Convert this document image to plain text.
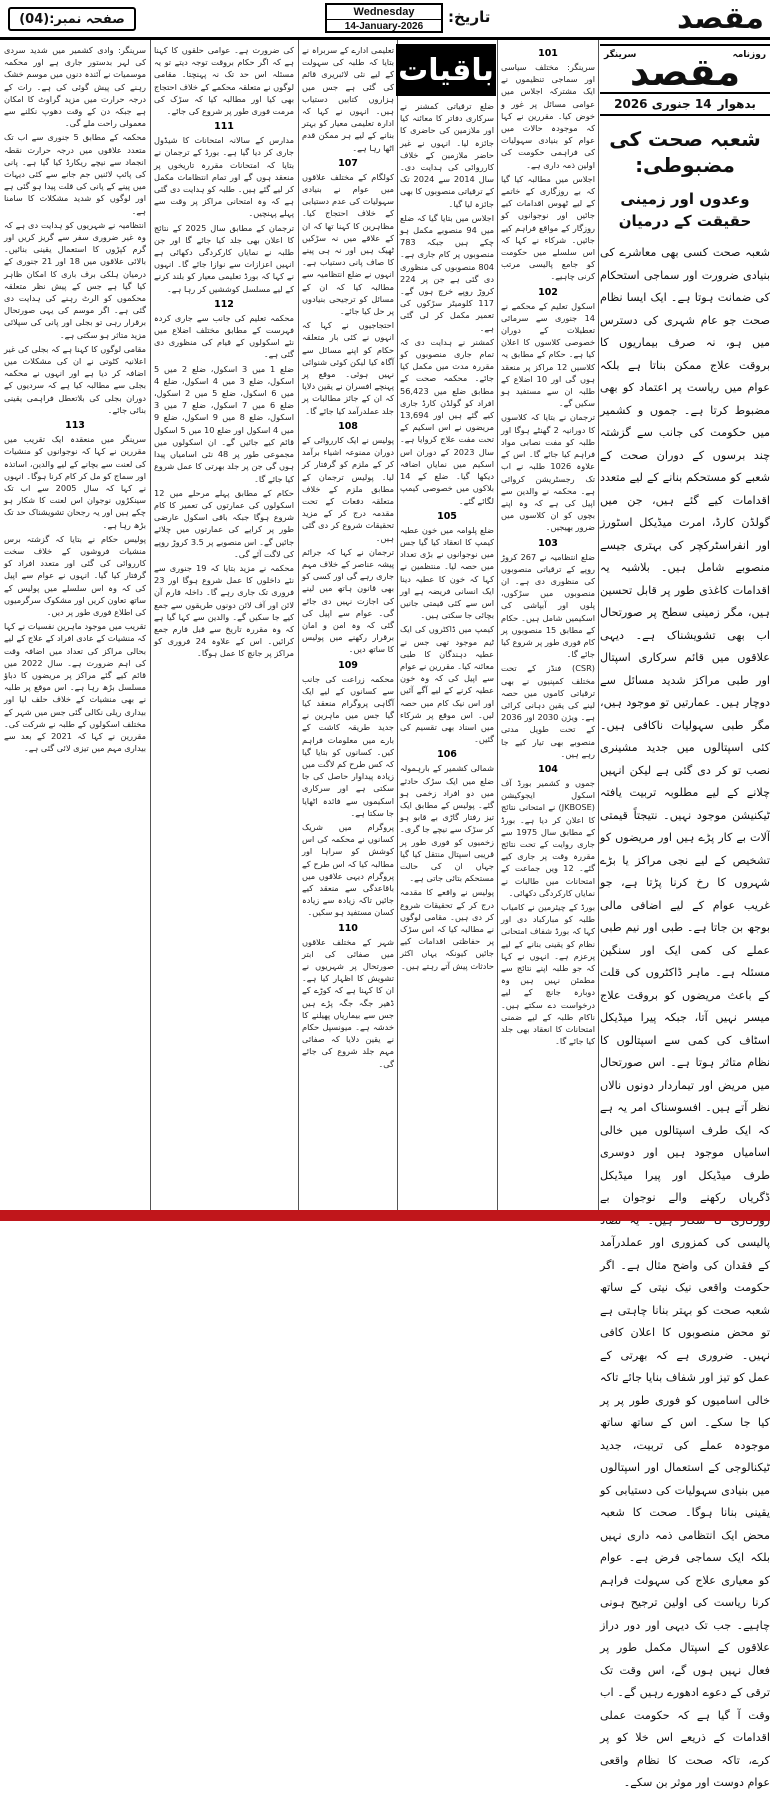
صفحہ نمبر:(04)	Wednesday
14-January-2026
تاریخ:	مقصد

سرینگر: وادی کشمیر میں شدید سردی کی لہر بدستور جاری ہے اور محکمہ موسمیات نے آئندہ دنوں میں موسم خشک رہنے کی پیش گوئی کی ہے۔ رات کے درجہ حرارت میں مزید گراوٹ کا امکان ہے جبکہ دن کے وقت دھوپ نکلنے سے معمولی راحت ملے گی۔

محکمہ کے مطابق 5 جنوری سے اب تک متعدد علاقوں میں درجہ حرارت نقطہ انجماد سے نیچے ریکارڈ کیا گیا ہے۔ پانی کی پائپ لائنیں جم جانے سے کئی دیہات میں پینے کے پانی کی قلت پیدا ہو گئی ہے اور لوگوں کو شدید مشکلات کا سامنا ہے۔

انتظامیہ نے شہریوں کو ہدایت دی ہے کہ وہ غیر ضروری سفر سے گریز کریں اور گرم کپڑوں کا استعمال یقینی بنائیں۔ بالائی علاقوں میں 18 اور 21 جنوری کے درمیان ہلکی برف باری کا امکان ظاہر کیا گیا ہے جس کے پیش نظر متعلقہ محکموں کو الرٹ رہنے کی ہدایت دی گئی ہے۔ اگر موسم کی یہی صورتحال برقرار رہی تو بجلی اور پانی کی سپلائی مزید متاثر ہو سکتی ہے۔

مقامی لوگوں کا کہنا ہے کہ بجلی کی غیر اعلانیہ کٹوتی نے ان کی مشکلات میں اضافہ کر دیا ہے اور انہوں نے محکمہ بجلی سے مطالبہ کیا ہے کہ سردیوں کے دوران بجلی کی بلاتعطل فراہمی یقینی بنائی جائے۔

113

سرینگر میں منعقدہ ایک تقریب میں مقررین نے کہا کہ نوجوانوں کو منشیات کی لعنت سے بچانے کے لیے والدین، اساتذہ اور سماج کو مل کر کام کرنا ہوگا۔ انہوں نے کہا کہ سال 2005 سے اب تک سینکڑوں نوجوان اس لعنت کا شکار ہو چکے ہیں اور یہ رجحان تشویشناک حد تک بڑھ رہا ہے۔

پولیس حکام نے بتایا کہ گزشتہ برس منشیات فروشوں کے خلاف سخت کارروائی کی گئی اور متعدد افراد کو گرفتار کیا گیا۔ انہوں نے عوام سے اپیل کی کہ وہ اس سلسلے میں پولیس کے ساتھ تعاون کریں اور مشکوک سرگرمیوں کی اطلاع فوری طور پر دیں۔

تقریب میں موجود ماہرین نفسیات نے کہا کہ منشیات کے عادی افراد کے علاج کے لیے بحالی مراکز کی تعداد میں اضافہ وقت کی اہم ضرورت ہے۔ سال 2022 میں قائم کیے گئے مراکز پر مریضوں کا دباؤ مسلسل بڑھ رہا ہے۔ اس موقع پر طلبہ نے بھی منشیات کے خلاف حلف لیا اور بیداری ریلی نکالی گئی جس میں شہر کے مختلف اسکولوں کے طلبہ نے شرکت کی۔ مقررین نے کہا کہ 2021 کے بعد سے بیداری مہم میں تیزی لائی گئی ہے۔

کی ضرورت ہے۔ عوامی حلقوں کا کہنا ہے کہ اگر حکام بروقت توجہ دیتے تو یہ مسئلہ اس حد تک نہ پہنچتا۔ مقامی لوگوں نے متعلقہ محکمے کے خلاف احتجاج بھی کیا اور مطالبہ کیا کہ سڑک کی مرمت فوری طور پر شروع کی جائے۔

111

مدارس کے سالانہ امتحانات کا شیڈول جاری کر دیا گیا ہے۔ بورڈ کے ترجمان نے بتایا کہ امتحانات مقررہ تاریخوں پر منعقد ہوں گے اور تمام انتظامات مکمل کر لیے گئے ہیں۔ طلبہ کو ہدایت دی گئی ہے کہ وہ امتحانی مراکز پر وقت سے پہلے پہنچیں۔

ترجمان کے مطابق سال 2025 کے نتائج کا اعلان بھی جلد کیا جائے گا اور جن طلبہ نے نمایاں کارکردگی دکھائی ہے انہیں اعزازات سے نوازا جائے گا۔ انہوں نے کہا کہ بورڈ تعلیمی معیار کو بلند کرنے کے لیے مسلسل کوششیں کر رہا ہے۔

112

محکمہ تعلیم کی جانب سے جاری کردہ فہرست کے مطابق مختلف اضلاع میں نئے اسکولوں کے قیام کی منظوری دی گئی ہے۔

ضلع 1 میں 3 اسکول، ضلع 2 میں 5 اسکول، ضلع 3 میں 4 اسکول، ضلع 4 میں 6 اسکول، ضلع 5 میں 2 اسکول، ضلع 6 میں 7 اسکول، ضلع 7 میں 3 اسکول، ضلع 8 میں 9 اسکول، ضلع 9 میں 4 اسکول اور ضلع 10 میں 5 اسکول قائم کیے جائیں گے۔ ان اسکولوں میں مجموعی طور پر 48 نئی اسامیاں پیدا ہوں گی جن پر جلد بھرتی کا عمل شروع کیا جائے گا۔

حکام کے مطابق پہلے مرحلے میں 12 اسکولوں کی عمارتوں کی تعمیر کا کام شروع ہوگا جبکہ باقی اسکول عارضی طور پر کرایے کی عمارتوں میں چلائے جائیں گے۔ اس منصوبے پر 3.5 کروڑ روپے کی لاگت آئے گی۔

محکمہ نے مزید بتایا کہ 19 جنوری سے نئے داخلوں کا عمل شروع ہوگا اور 23 فروری تک جاری رہے گا۔ داخلہ فارم آن لائن اور آف لائن دونوں طریقوں سے جمع کیے جا سکیں گے۔ والدین سے کہا گیا ہے کہ وہ مقررہ تاریخ سے قبل فارم جمع کرائیں۔ اس کے علاوہ 24 فروری کو مراکز پر جانچ کا عمل ہوگا۔

تعلیمی ادارے کے سربراہ نے بتایا کہ طلبہ کی سہولت کے لیے نئی لائبریری قائم کی گئی ہے جس میں ہزاروں کتابیں دستیاب ہیں۔ انہوں نے کہا کہ ادارہ تعلیمی معیار کو بہتر بنانے کے لیے ہر ممکن قدم اٹھا رہا ہے۔

107

کولگام کے مختلف علاقوں میں عوام نے بنیادی سہولیات کی عدم دستیابی کے خلاف احتجاج کیا۔ مظاہرین کا کہنا تھا کہ ان کے علاقے میں نہ سڑکیں ٹھیک ہیں اور نہ ہی پینے کا صاف پانی دستیاب ہے۔ انہوں نے ضلع انتظامیہ سے مطالبہ کیا کہ ان کے مسائل کو ترجیحی بنیادوں پر حل کیا جائے۔

احتجاجیوں نے کہا کہ انہوں نے کئی بار متعلقہ حکام کو اپنے مسائل سے آگاہ کیا لیکن کوئی شنوائی نہیں ہوئی۔ موقع پر پہنچے افسران نے یقین دلایا کہ ان کے جائز مطالبات پر جلد عملدرآمد کیا جائے گا۔

108

پولیس نے ایک کارروائی کے دوران ممنوعہ اشیاء برآمد کر کے ملزم کو گرفتار کر لیا۔ پولیس ترجمان کے مطابق ملزم کے خلاف متعلقہ دفعات کے تحت مقدمہ درج کر کے مزید تحقیقات شروع کر دی گئی ہیں۔

ترجمان نے کہا کہ جرائم پیشہ عناصر کے خلاف مہم جاری رہے گی اور کسی کو بھی قانون ہاتھ میں لینے کی اجازت نہیں دی جائے گی۔ عوام سے اپیل کی گئی کہ وہ امن و امان برقرار رکھنے میں پولیس کا ساتھ دیں۔

109

محکمہ زراعت کی جانب سے کسانوں کے لیے ایک آگاہی پروگرام منعقد کیا گیا جس میں ماہرین نے جدید طریقہ کاشت کے بارے میں معلومات فراہم کیں۔ کسانوں کو بتایا گیا کہ کس طرح کم لاگت میں زیادہ پیداوار حاصل کی جا سکتی ہے اور سرکاری اسکیموں سے فائدہ اٹھایا جا سکتا ہے۔

پروگرام میں شریک کسانوں نے محکمہ کی اس کوشش کو سراہا اور مطالبہ کیا کہ اس طرح کے پروگرام دیہی علاقوں میں باقاعدگی سے منعقد کیے جائیں تاکہ زیادہ سے زیادہ کسان مستفید ہو سکیں۔

110

شہر کے مختلف علاقوں میں صفائی کی ابتر صورتحال پر شہریوں نے تشویش کا اظہار کیا ہے۔ ان کا کہنا ہے کہ کوڑے کے ڈھیر جگہ جگہ پڑے ہیں جس سے بیماریاں پھیلنے کا خدشہ ہے۔ میونسپل حکام نے یقین دلایا کہ صفائی مہم جلد شروع کی جائے گی۔

ضلع ترقیاتی کمشنر نے سرکاری دفاتر کا معائنہ کیا اور ملازمین کی حاضری کا جائزہ لیا۔ انہوں نے غیر حاضر ملازمین کے خلاف کارروائی کی ہدایت دی۔ سال 2014 سے 2024 تک کے ترقیاتی منصوبوں کا بھی جائزہ لیا گیا۔

اجلاس میں بتایا گیا کہ ضلع میں 94 منصوبے مکمل ہو چکے ہیں جبکہ 783 منصوبوں پر کام جاری ہے۔ 804 منصوبوں کی منظوری دی گئی ہے جن پر 224 کروڑ روپے خرچ ہوں گے۔ 117 کلومیٹر سڑکوں کی تعمیر مکمل کر لی گئی ہے۔

کمشنر نے ہدایت دی کہ تمام جاری منصوبوں کو مقررہ مدت میں مکمل کیا جائے۔ محکمہ صحت کے مطابق ضلع میں 56,423 افراد کو گولڈن کارڈ جاری کیے گئے ہیں اور 13,694 مریضوں نے اس اسکیم کے تحت مفت علاج کروایا ہے۔ سال 2023 کے دوران اس اسکیم میں نمایاں اضافہ دیکھا گیا۔ ضلع کے 14 بلاکوں میں خصوصی کیمپ لگائے گئے۔

105

ضلع پلوامہ میں خون عطیہ کیمپ کا انعقاد کیا گیا جس میں نوجوانوں نے بڑی تعداد میں حصہ لیا۔ منتظمین نے کہا کہ خون کا عطیہ دینا ایک انسانی فریضہ ہے اور اس سے کئی قیمتی جانیں بچائی جا سکتی ہیں۔

کیمپ میں ڈاکٹروں کی ایک ٹیم موجود تھی جس نے عطیہ دہندگان کا طبی معائنہ کیا۔ مقررین نے عوام سے اپیل کی کہ وہ خون عطیہ کرنے کے لیے آگے آئیں اور اس نیک کام میں حصہ لیں۔ اس موقع پر شرکاء میں اسناد بھی تقسیم کی گئیں۔

106

شمالی کشمیر کے بارہمولہ ضلع میں ایک سڑک حادثے میں دو افراد زخمی ہو گئے۔ پولیس کے مطابق ایک تیز رفتار گاڑی بے قابو ہو کر سڑک سے نیچے جا گری۔ زخمیوں کو فوری طور پر قریبی اسپتال منتقل کیا گیا جہاں ان کی حالت مستحکم بتائی جاتی ہے۔

پولیس نے واقعے کا مقدمہ درج کر کے تحقیقات شروع کر دی ہیں۔ مقامی لوگوں نے مطالبہ کیا کہ اس سڑک پر حفاظتی اقدامات کیے جائیں کیونکہ یہاں اکثر حادثات پیش آتے رہتے ہیں۔

101

سرینگر: مختلف سیاسی اور سماجی تنظیموں نے ایک مشترکہ اجلاس میں عوامی مسائل پر غور و خوض کیا۔ مقررین نے کہا کہ موجودہ حالات میں عوام کو بنیادی سہولیات کی فراہمی حکومت کی اولین ذمہ داری ہے۔

اجلاس میں مطالبہ کیا گیا کہ بے روزگاری کے خاتمے کے لیے ٹھوس اقدامات کیے جائیں اور نوجوانوں کو روزگار کے مواقع فراہم کیے جائیں۔ شرکاء نے کہا کہ اس سلسلے میں حکومت کو جامع پالیسی مرتب کرنی چاہیے۔

102

اسکول تعلیم کے محکمے نے 14 جنوری سے سرمائی تعطیلات کے دوران خصوصی کلاسوں کا اعلان کیا ہے۔ حکام کے مطابق یہ کلاسیں 12 مراکز پر منعقد ہوں گی اور 10 اضلاع کے طلبہ ان سے مستفید ہو سکیں گے۔

ترجمان نے بتایا کہ کلاسوں کا دورانیہ 2 گھنٹے ہوگا اور طلبہ کو مفت نصابی مواد فراہم کیا جائے گا۔ اس کے علاوہ 1026 طلبہ نے اب تک رجسٹریشن کروائی ہے۔ محکمہ نے والدین سے اپیل کی ہے کہ وہ اپنے بچوں کو ان کلاسوں میں ضرور بھیجیں۔

103

ضلع انتظامیہ نے 267 کروڑ روپے کے ترقیاتی منصوبوں کی منظوری دی ہے۔ ان منصوبوں میں سڑکوں، پلوں اور آبپاشی کی اسکیمیں شامل ہیں۔ حکام کے مطابق 15 منصوبوں پر کام فوری طور پر شروع کیا جائے گا۔

(CSR) فنڈز کے تحت مختلف کمپنیوں نے بھی ترقیاتی کاموں میں حصہ لینے کی یقین دہانی کرائی ہے۔ ویژن 2030 اور 2036 کے تحت طویل مدتی منصوبے بھی تیار کیے جا رہے ہیں۔

104

جموں و کشمیر بورڈ آف اسکول ایجوکیشن (JKBOSE) نے امتحانی نتائج کا اعلان کر دیا ہے۔ بورڈ کے مطابق سال 1975 سے جاری روایت کے تحت نتائج مقررہ وقت پر جاری کیے گئے۔ 12 ویں جماعت کے امتحانات میں طالبات نے نمایاں کارکردگی دکھائی۔

بورڈ کے چیئرمین نے کامیاب طلبہ کو مبارکباد دی اور کہا کہ بورڈ شفاف امتحانی نظام کو یقینی بنانے کے لیے پرعزم ہے۔ انہوں نے کہا کہ جو طلبہ اپنے نتائج سے مطمئن نہیں ہیں وہ دوبارہ جانچ کے لیے درخواست دے سکتے ہیں۔ ناکام طلبہ کے لیے ضمنی امتحانات کا انعقاد بھی جلد کیا جائے گا۔

باقیات	روزنامہ
سرینگر
مقصد
بدھوار
14 جنوری 2026
شعبہ صحت کی مضبوطی:
وعدوں اور زمینی حقیقت کے درمیان
شعبہ صحت کسی بھی معاشرے کی بنیادی ضرورت اور سماجی استحکام کی ضمانت ہوتا ہے۔ ایک ایسا نظام صحت جو عام شہری کی دسترس میں ہو، نہ صرف بیماریوں کا بروقت علاج ممکن بناتا ہے بلکہ عوام میں ریاست پر اعتماد کو بھی مضبوط کرتا ہے۔ جموں و کشمیر میں حکومت کی جانب سے گزشتہ چند برسوں کے دوران صحت کے شعبے کو مستحکم بنانے کے لیے متعدد اقدامات کیے گئے ہیں، جن میں گولڈن کارڈ، امرت میڈیکل اسٹورز اور انفراسٹرکچر کی بہتری جیسے منصوبے شامل ہیں۔ بلاشبہ یہ اقدامات کاغذی طور پر قابل تحسین ہیں، مگر زمینی سطح پر صورتحال اب بھی تشویشناک ہے۔ دیہی علاقوں میں قائم سرکاری اسپتال اور طبی مراکز شدید مسائل سے دوچار ہیں۔ عمارتیں تو موجود ہیں، مگر طبی سہولیات ناکافی ہیں۔ کئی اسپتالوں میں جدید مشینری نصب تو کر دی گئی ہے لیکن انہیں چلانے کے لیے مطلوبہ تربیت یافتہ ٹیکنیشن موجود نہیں۔ نتیجتاً قیمتی آلات بے کار پڑے ہیں اور مریضوں کو تشخیص کے لیے نجی مراکز یا بڑے شہروں کا رخ کرنا پڑتا ہے، جو غریب عوام کے لیے اضافی مالی بوجھ بن جاتا ہے۔ طبی اور نیم طبی عملے کی کمی ایک اور سنگین مسئلہ ہے۔ ماہر ڈاکٹروں کی قلت کے باعث مریضوں کو بروقت علاج میسر نہیں آتا، جبکہ پیرا میڈیکل اسٹاف کی کمی سے اسپتالوں کا نظام متاثر ہوتا ہے۔ اس صورتحال میں مریض اور تیماردار دونوں نالاں نظر آتے ہیں۔ افسوسناک امر یہ ہے کہ ایک طرف اسپتالوں میں خالی اسامیاں موجود ہیں اور دوسری طرف میڈیکل اور پیرا میڈیکل ڈگریاں رکھنے والے نوجوان بے پالیسی کی کمزوری اور عملدرآمد کے فقدان کی واضح مثال ہے۔ اگر حکومت واقعی نیک نیتی کے ساتھ شعبہ صحت کو بہتر بنانا چاہتی ہے تو محض منصوبوں کا اعلان کافی نہیں۔ ضروری ہے کہ بھرتی کے عمل کو تیز اور شفاف بنایا جائے تاکہ خالی اسامیوں کو فوری طور پر پر کیا جا سکے۔ اس کے ساتھ ساتھ موجودہ عملے کی تربیت، جدید ٹیکنالوجی کے استعمال اور اسپتالوں میں بنیادی سہولیات کی دستیابی کو یقینی بنانا ہوگا۔ صحت کا شعبہ محض ایک انتظامی ذمہ داری نہیں بلکہ ایک سماجی فرض ہے۔ عوام کو معیاری علاج کی سہولت فراہم کرنا ریاست کی اولین ترجیح ہونی چاہیے۔ جب تک دیہی اور دور دراز علاقوں کے اسپتال مکمل طور پر فعال نہیں ہوں گے، اس وقت تک ترقی کے دعوے ادھورے رہیں گے۔ اب وقت آ گیا ہے کہ حکومت عملی اقدامات کے ذریعے اس خلا کو پر کرے، تاکہ صحت کا نظام واقعی عوام دوست اور موثر بن سکے۔
